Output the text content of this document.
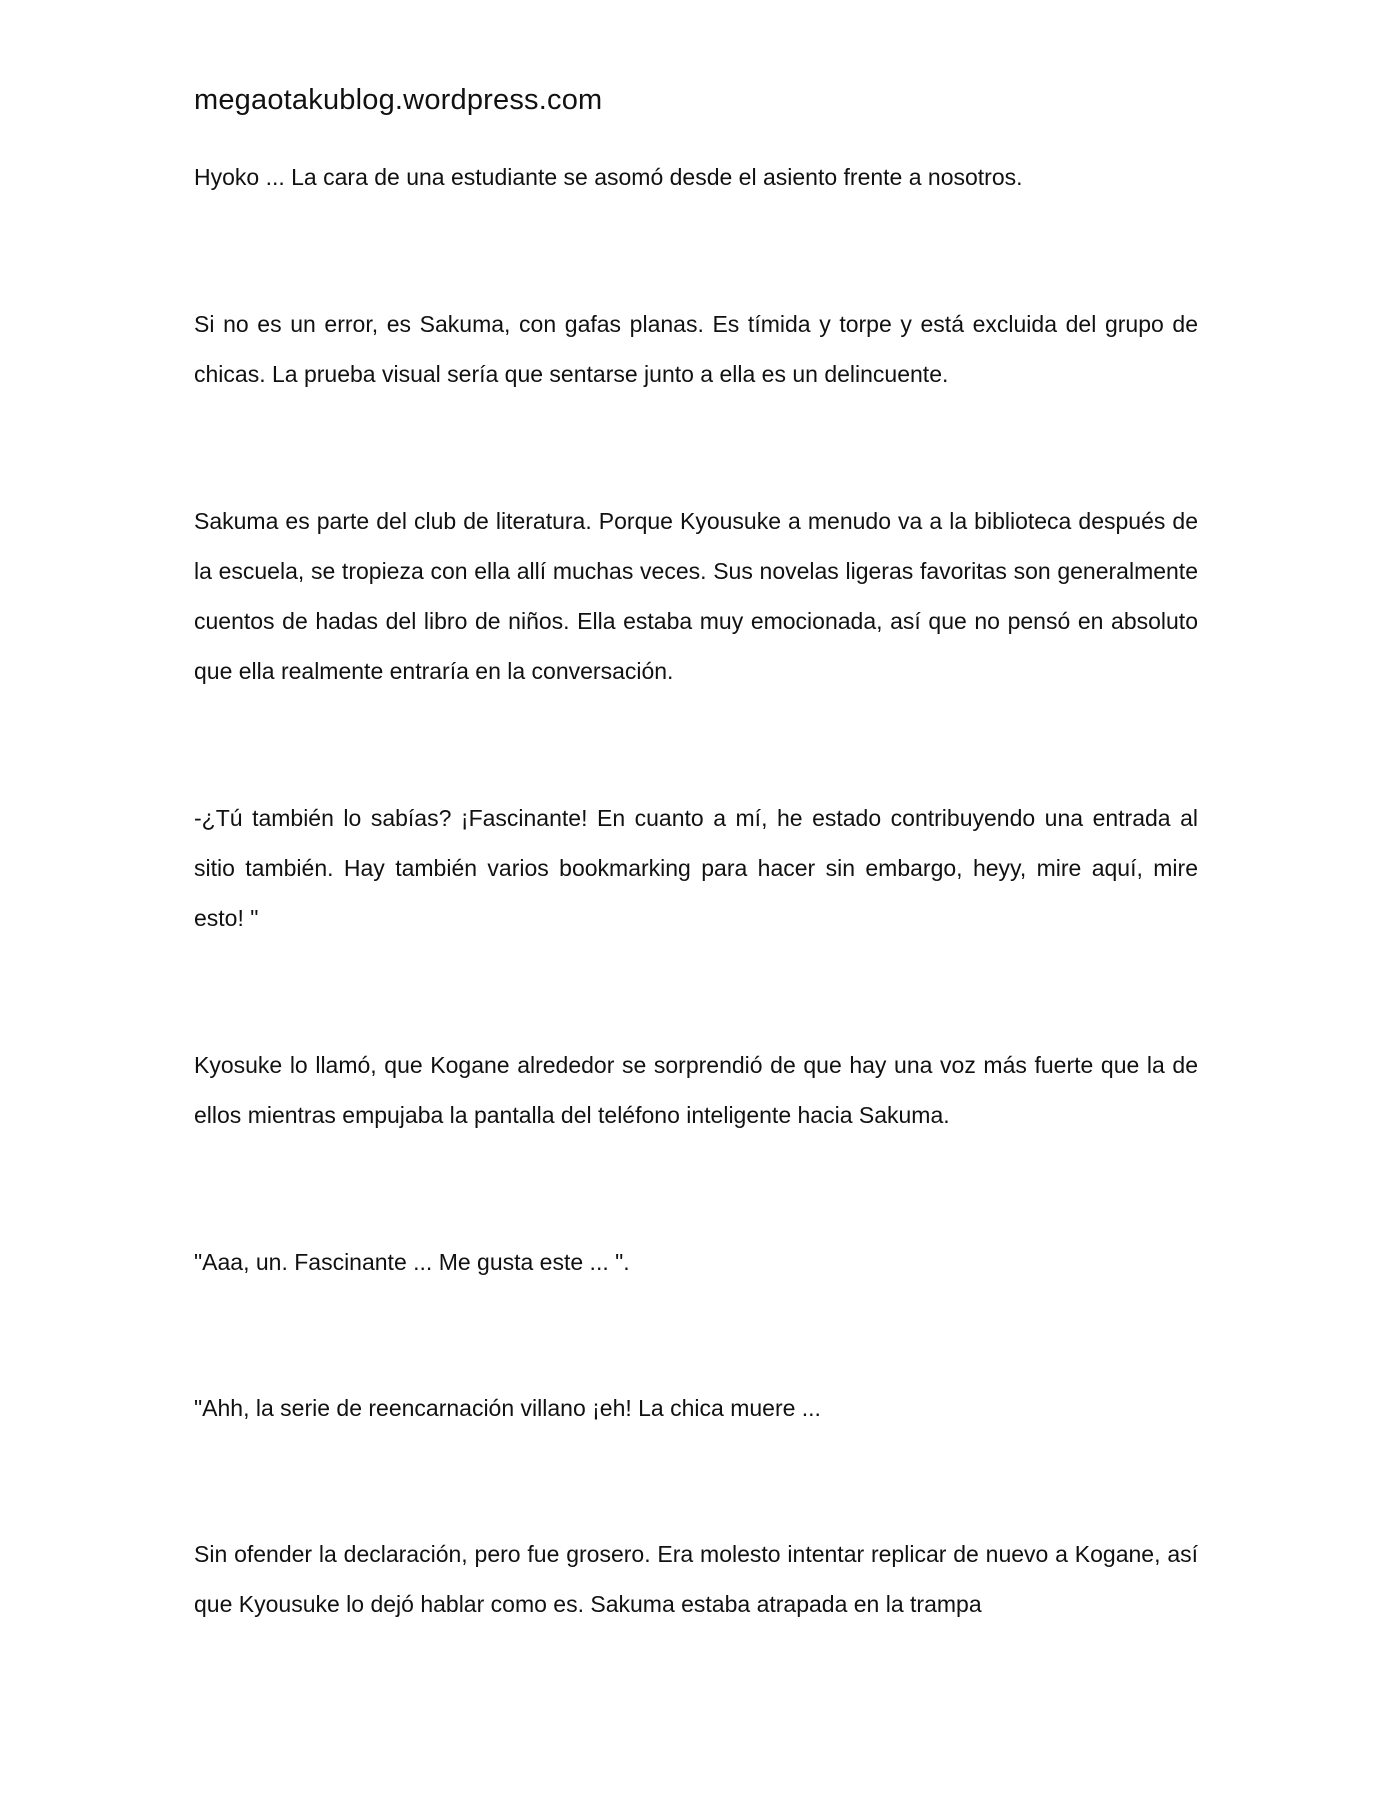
megaotakublog.wordpress.com

Hyoko ... La cara de una estudiante se asomó desde el asiento frente a nosotros.

Si no es un error, es Sakuma, con gafas planas. Es tímida y torpe y está excluida del grupo de chicas. La prueba visual sería que sentarse junto a ella es un delincuente.

Sakuma es parte del club de literatura. Porque Kyousuke a menudo va a la biblioteca después de la escuela, se tropieza con ella allí muchas veces. Sus novelas ligeras favoritas son generalmente cuentos de hadas del libro de niños. Ella estaba muy emocionada, así que no pensó en absoluto que ella realmente entraría en la conversación.

-¿Tú también lo sabías? ¡Fascinante! En cuanto a mí, he estado contribuyendo una entrada al sitio también. Hay también varios bookmarking para hacer sin embargo, heyy, mire aquí, mire esto! "

Kyosuke lo llamó, que Kogane alrededor se sorprendió de que hay una voz más fuerte que la de ellos mientras empujaba la pantalla del teléfono inteligente hacia Sakuma.

"Aaa, un. Fascinante ... Me gusta este ... ".

"Ahh, la serie de reencarnación villano ¡eh! La chica muere ...

Sin ofender la declaración, pero fue grosero. Era molesto intentar replicar de nuevo a Kogane, así que Kyousuke lo dejó hablar como es. Sakuma estaba atrapada en la trampa
